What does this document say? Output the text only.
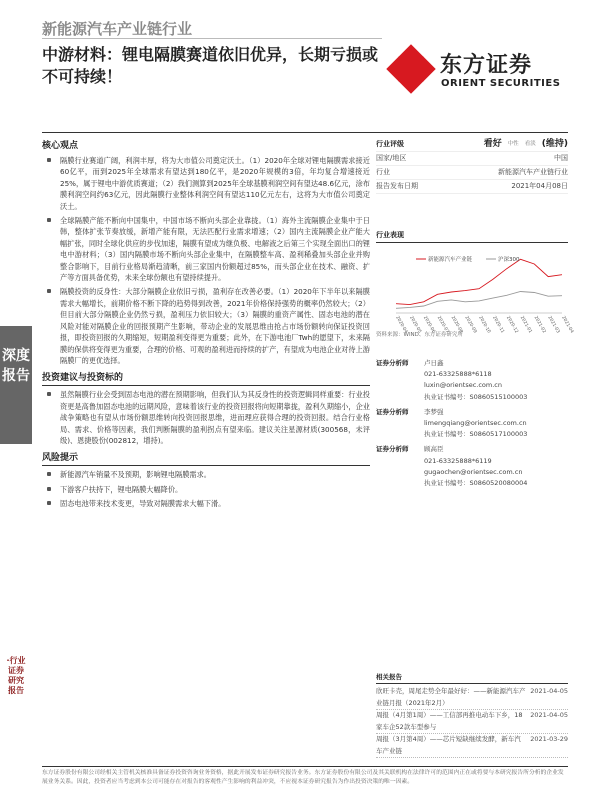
新能源汽车产业链行业
中游材料：锂电隔膜赛道依旧优异，长期亏损或不可持续！	东方证券
ORIENT SECURITIES
深度报告
·行业证券研究报告
核心观点
隔膜行业赛道广阔，利润丰厚，将为大市值公司奠定沃土。（1）2020年全球对锂电隔膜需求接近60亿平，而到2025年全球需求有望达到180亿平，是2020年规模的3倍，年均复合增速接近25%，属于锂电中游优质赛道；（2）我们测算到2025年全球基膜利润空间有望达48.6亿元，涂布膜利润空间约63亿元，因此隔膜行业整体利润空间有望达110亿元左右，这将为大市值公司奠定沃土。
全球隔膜产能不断向中国集中，中国市场不断向头部企业靠拢。（1）海外主流隔膜企业集中于日韩，整体扩张节奏放缓，新增产能有限，无法匹配行业需求增速；（2）国内主流隔膜企业产能大幅扩张，同时全球化供应的步伐加速，隔膜有望成为继负极、电解液之后第三个实现全面出口的锂电中游材料；（3）国内隔膜市场不断向头部企业集中，在隔膜整车高、盈利稀叠加头部企业并购整合影响下，目前行业格局渐趋清晰，前三家国内份额超过85%，而头部企业在技术、融资、扩产等方面具备优势，未来全球份额也有望持续提升。
隔膜投资的反身性：大部分隔膜企业依旧亏损，盈利存在改善必要。（1）2020年下半年以来隔膜需求大幅增长，前期价格不断下降的趋势得到改善，2021年价格保持强势的概率仍然较大；（2）但目前大部分隔膜企业仍然亏损，盈利压力依旧较大；（3）隔膜的重资产属性、固态电池的潜在风险对能对隔膜企业的回报预期产生影响，带动企业的发展思维由抢占市场份额转向保证投资回报，即投资回报的久期缩短，短期盈利变得更为重要；此外，在下游电池厂Twh的愿望下，未来隔膜的保供将变得更为重要，合理的价格、可观的盈利进而持续的扩产，有望成为电池企业对待上游隔膜厂的更优选择。
投资建议与投资标的
虽然隔膜行业会受到固态电池的潜在预期影响，但我们认为其反身性的投资逻辑同样重要：行业投资更是高鲁加固态电池的远期风险，意味着该行业的投资回报将向短期靠拢，盈利久期缩小，企业战争策略也有望从市场份额思维转向投资回报思维，进而理应获得合理的投资回报。结合行业格局、需求、价格等因素，我们判断隔膜的盈利拐点有望来临。建议关注星源材质(300568，未评级)、恩捷股份(002812，增持)。
风险提示
新能源汽车销量不及预期，影响锂电隔膜需求。
下游客户扶持下，锂电隔膜大幅降价。
固态电池带来技术变更，导致对隔膜需求大幅下滑。
行业评级	看好 中性 看淡 (维持)
国家/地区	中国
行业	新能源汽车产业链行业
报告发布日期	2021年04月08日
行业表现
新能源汽车产业链	沪深300
2020-04 2020-05 2020-06 2020-07 2020-08 2020-09 2020-10 2020-11 2020-12 2021-01 2021-02 2021-03 2021-04
资料来源：WIND、东方证券研究所
证券分析师	卢日鑫
021-63325888*6118
luxin@orientsec.com.cn
执业证书编号：S0860515100003
证券分析师	李梦强
limengqiang@orientsec.com.cn
执业证书编号：S0860517100003
证券分析师	顾高臣
021-63325888*6119
gugaochen@orientsec.com.cn
执业证书编号：S0860520080004
相关报告
欣旺卡壳，周尾走势全年最好好：——新能源汽车产业链月报（2021年2月）
2021-04-05
周报（4月第1周）——工信部再推电动车下乡，18家车企52款车型参与
2021-04-05
周报（3月第4周）——芯片短缺继续发酵，新车汽车产业链
2021-03-29
东方证券股份有限公司经相关主管机关核准具备证券投资咨询业务资格，据此开展发布证券研究报告业务。东方证券股份有限公司及其关联机构在法律许可的范围内正在或将要与本研究报告所分析的企业发展业务关系。因此，投资者应当考虑到本公司可能存在对报告的客观性产生影响的利益冲突，不应视本证券研究报告为作出投资决策的唯一因素。
